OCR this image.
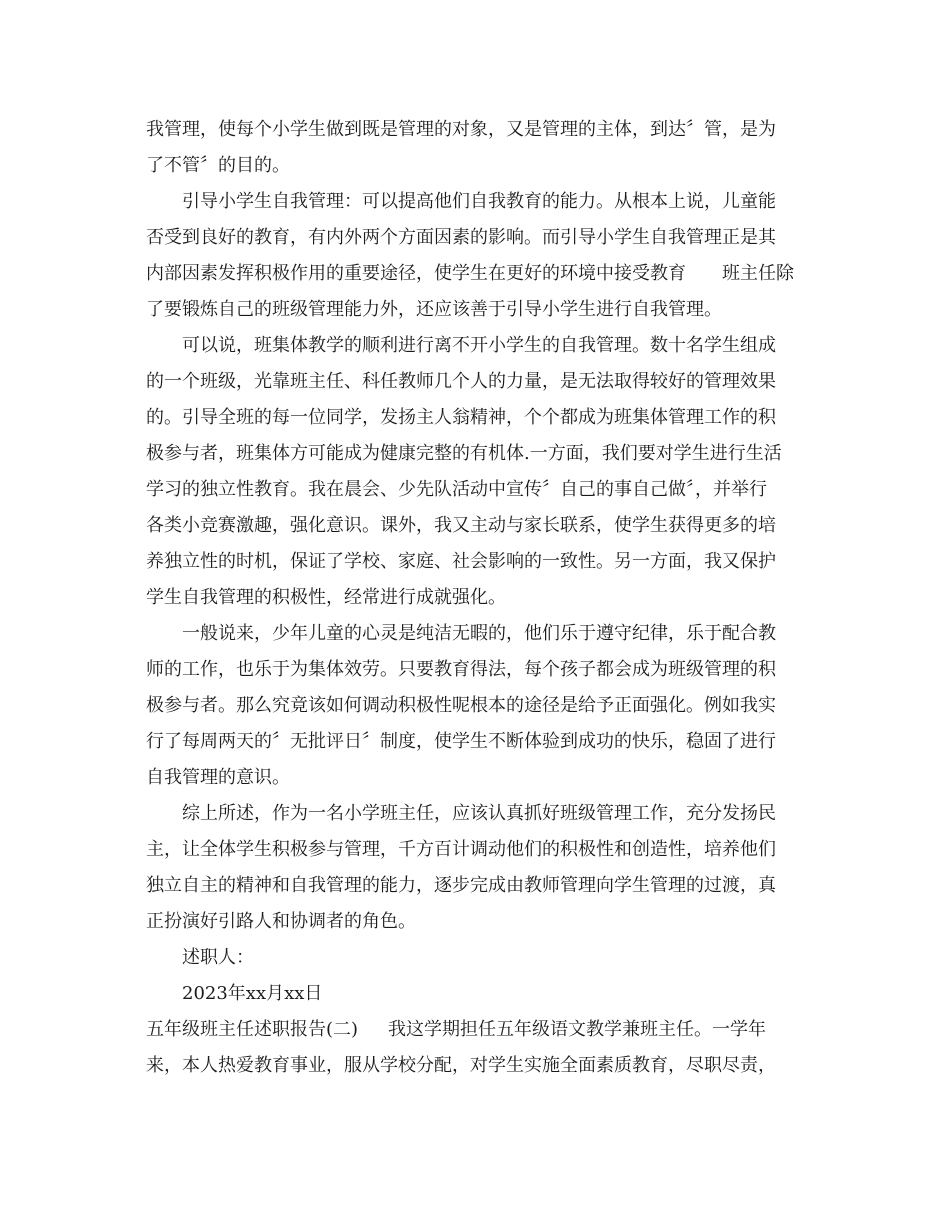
我管理，使每个小学生做到既是管理的对象，又是管理的主体，到达〞管，是为
了不管〞的目的。
引导小学生自我管理：可以提高他们自我教育的能力。从根本上说，儿童能
否受到良好的教育，有内外两个方面因素的影响。而引导小学生自我管理正是其
内部因素发挥积极作用的重要途径，使学生在更好的环境中接受教育　　班主任除
了要锻炼自己的班级管理能力外，还应该善于引导小学生进行自我管理。
可以说，班集体教学的顺利进行离不开小学生的自我管理。数十名学生组成
的一个班级，光靠班主任、科任教师几个人的力量，是无法取得较好的管理效果
的。引导全班的每一位同学，发扬主人翁精神，个个都成为班集体管理工作的积
极参与者，班集体方可能成为健康完整的有机体.一方面，我们要对学生进行生活
学习的独立性教育。我在晨会、少先队活动中宣传〞自己的事自己做〞，并举行
各类小竞赛激趣，强化意识。课外，我又主动与家长联系，使学生获得更多的培
养独立性的时机，保证了学校、家庭、社会影响的一致性。另一方面，我又保护
学生自我管理的积极性，经常进行成就强化。
一般说来，少年儿童的心灵是纯洁无暇的，他们乐于遵守纪律，乐于配合教
师的工作，也乐于为集体效劳。只要教育得法，每个孩子都会成为班级管理的积
极参与者。那么究竟该如何调动积极性呢根本的途径是给予正面强化。例如我实
行了每周两天的〞无批评日〞制度，使学生不断体验到成功的快乐，稳固了进行
自我管理的意识。
综上所述，作为一名小学班主任，应该认真抓好班级管理工作，充分发扬民
主，让全体学生积极参与管理，千方百计调动他们的积极性和创造性，培养他们
独立自主的精神和自我管理的能力，逐步完成由教师管理向学生管理的过渡，真
正扮演好引路人和协调者的角色。
述职人：
2023年xx月xx日
五年级班主任述职报告(二) 我这学期担任五年级语文教学兼班主任。一学年
来，本人热爱教育事业，服从学校分配，对学生实施全面素质教育，尽职尽责，
